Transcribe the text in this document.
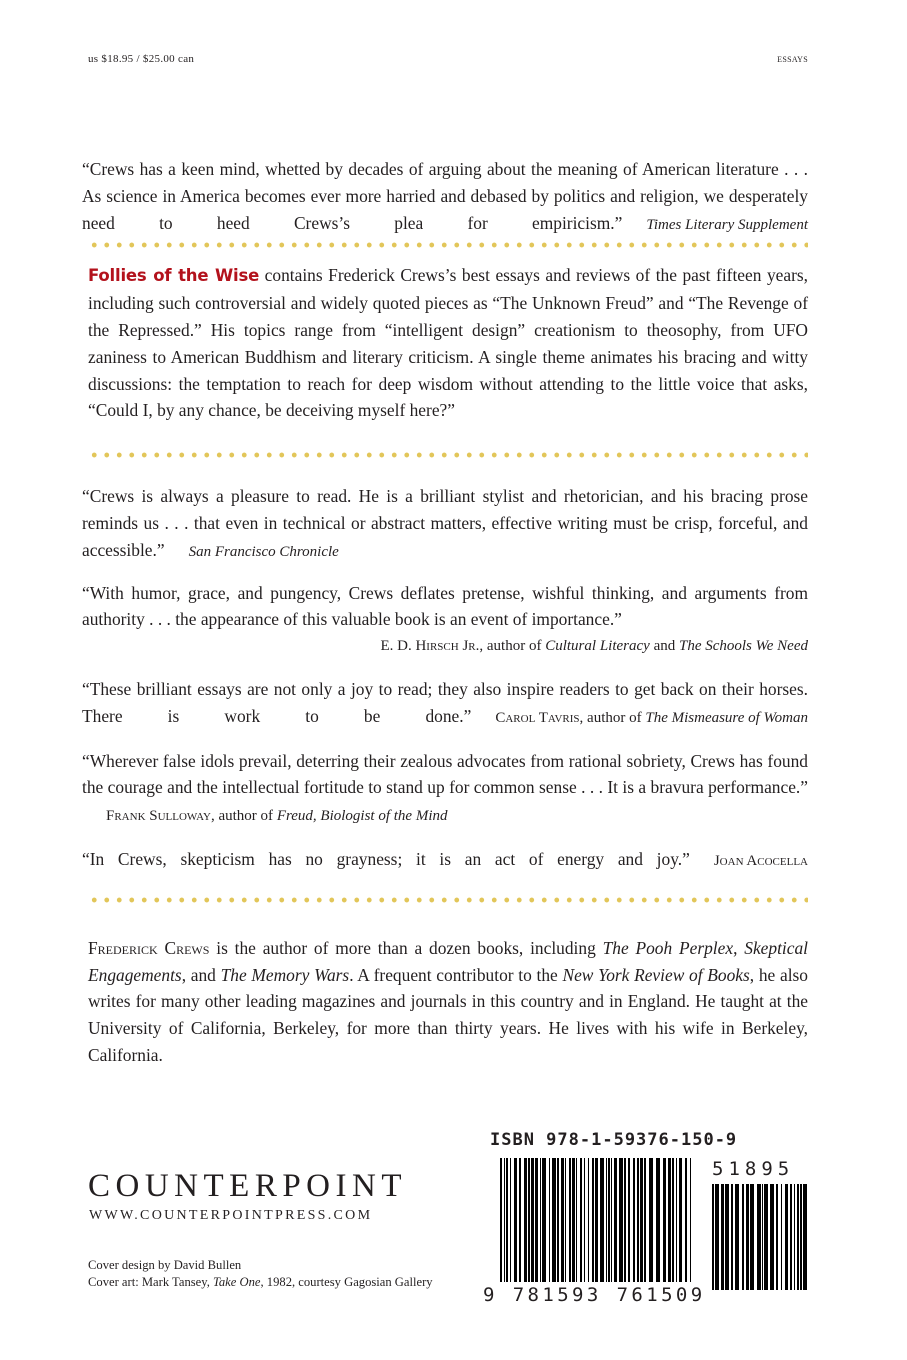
us $18.95 / $25.00 can	essays

“Crews has a keen mind, whetted by decades of arguing about the meaning of American literature . . . As science in America becomes ever more harried and debased by politics and religion, we desperately need to heed Crews’s plea for empiricism.” Times Literary Supplement

Follies of the Wise contains Frederick Crews’s best essays and reviews of the past fifteen years, including such controversial and widely quoted pieces as “The Unknown Freud” and “The Revenge of the Repressed.” His topics range from “intelligent design” creationism to theosophy, from UFO zaniness to American Buddhism and literary criticism. A single theme animates his bracing and witty discussions: the temptation to reach for deep wisdom without attending to the little voice that asks, “Could I, by any chance, be deceiving myself here?”

“Crews is always a pleasure to read. He is a brilliant stylist and rhetorician, and his bracing prose reminds us . . . that even in technical or abstract matters, effective writing must be crisp, forceful, and accessible.” San Francisco Chronicle

“With humor, grace, and pungency, Crews deflates pretense, wishful thinking, and arguments from authority . . . the appearance of this valuable book is an event of importance.”
E. D. Hirsch Jr., author of Cultural Literacy and The Schools We Need

“These brilliant essays are not only a joy to read; they also inspire readers to get back on their horses. There is work to be done.” Carol Tavris, author of The Mismeasure of Woman

“Wherever false idols prevail, deterring their zealous advocates from rational sobriety, Crews has found the courage and the intellectual fortitude to stand up for common sense . . . It is a bravura performance.”Frank Sulloway, author of Freud, Biologist of the Mind

“In Crews, skepticism has no grayness; it is an act of energy and joy.” Joan Acocella

Frederick Crews is the author of more than a dozen books, including The Pooh Perplex, Skeptical Engagements, and The Memory Wars. A frequent contributor to the New York Review of Books, he also writes for many other leading magazines and journals in this country and in England. He taught at the University of California, Berkeley, for more than thirty years. He lives with his wife in Berkeley, California.

COUNTERPOINT
WWW.COUNTERPOINTPRESS.COM
Cover design by David Bullen
Cover art: Mark Tansey, Take One, 1982, courtesy Gagosian Gallery
ISBN 978-1-59376-150-9
51895
9 781593 761509
